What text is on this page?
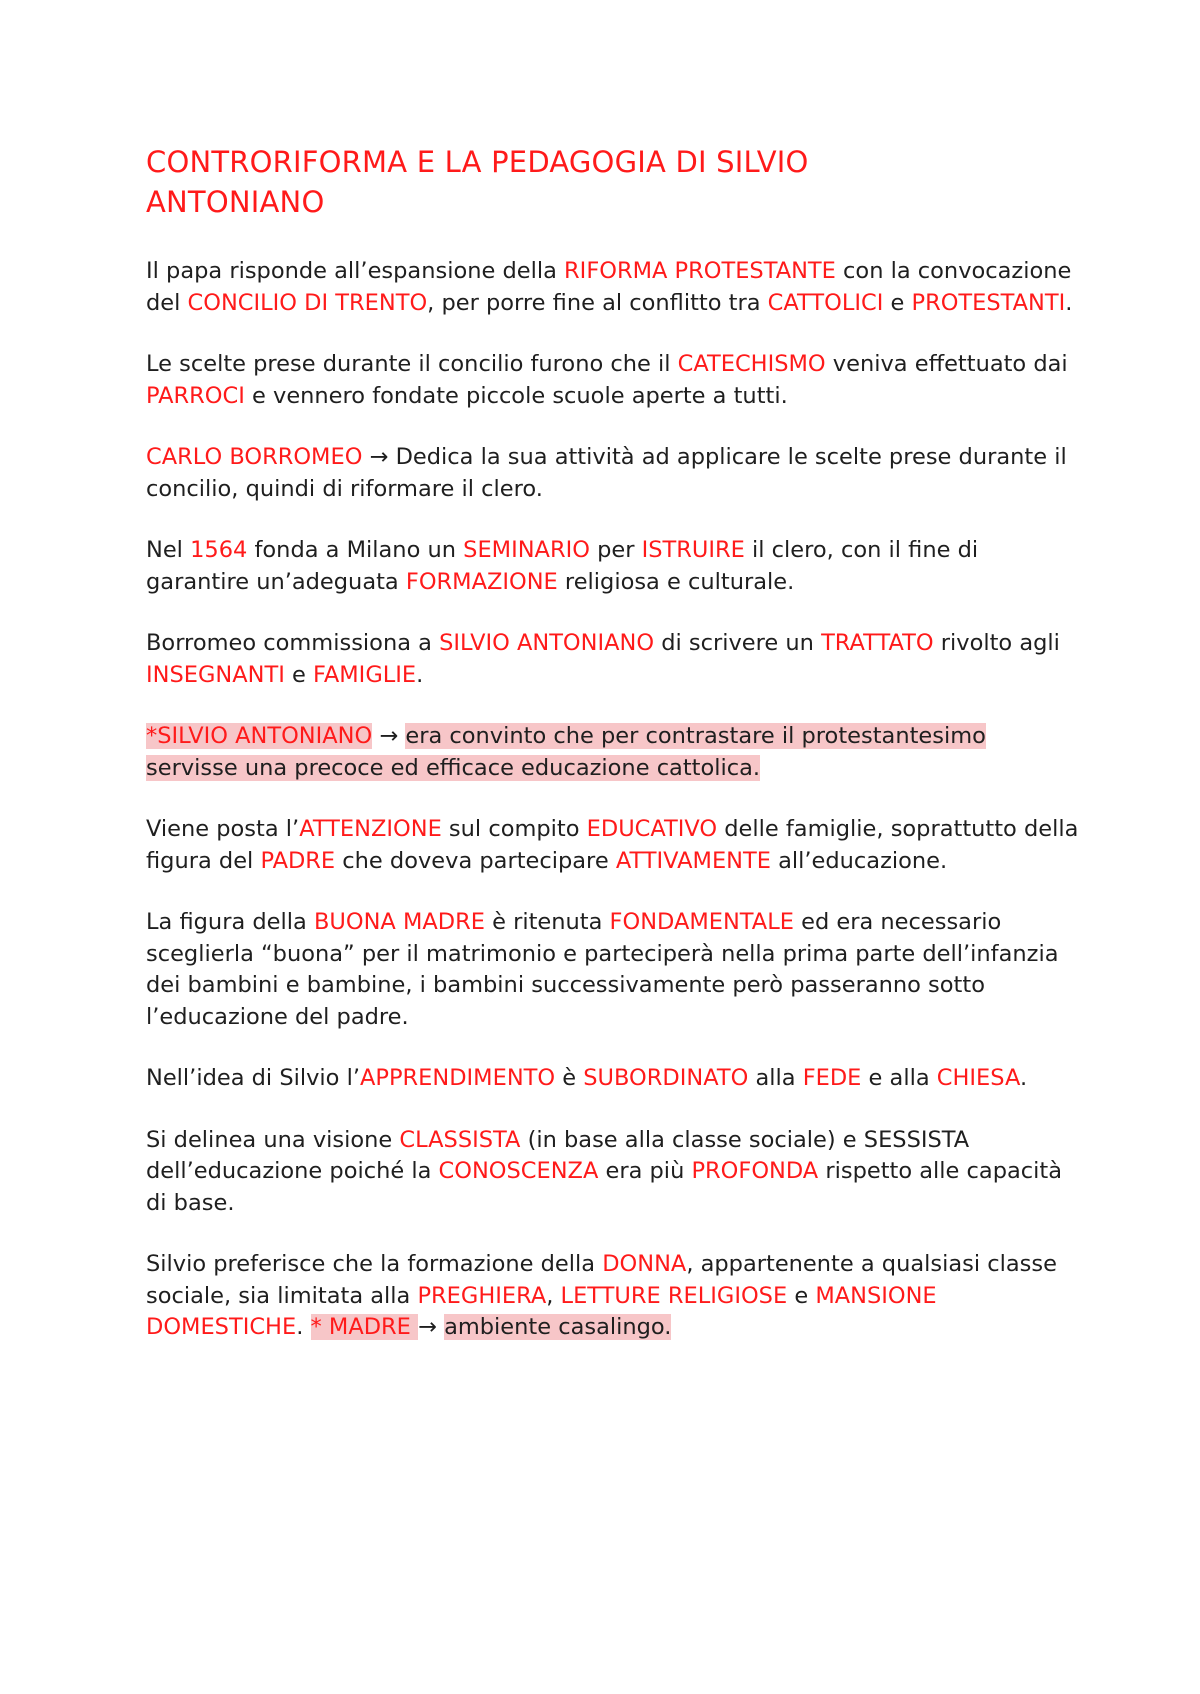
CONTRORIFORMA E LA PEDAGOGIA DI SILVIO ANTONIANO

Il papa risponde all’espansione della RIFORMA PROTESTANTE con la convocazione del CONCILIO DI TRENTO, per porre fine al conflitto tra CATTOLICI e PROTESTANTI.

Le scelte prese durante il concilio furono che il CATECHISMO veniva effettuato dai PARROCI e vennero fondate piccole scuole aperte a tutti.

CARLO BORROMEO → Dedica la sua attività ad applicare le scelte prese durante il concilio, quindi di riformare il clero.

Nel 1564 fonda a Milano un SEMINARIO per ISTRUIRE il clero, con il fine di garantire un’adeguata FORMAZIONE religiosa e culturale.

Borromeo commissiona a SILVIO ANTONIANO di scrivere un TRATTATO rivolto agli INSEGNANTI e FAMIGLIE.

*SILVIO ANTONIANO → era convinto che per contrastare il protestantesimo servisse una precoce ed efficace educazione cattolica.

Viene posta l’ATTENZIONE sul compito EDUCATIVO delle famiglie, soprattutto della figura del PADRE che doveva partecipare ATTIVAMENTE all’educazione.

La figura della BUONA MADRE è ritenuta FONDAMENTALE ed era necessario sceglierla “buona” per il matrimonio e parteciperà nella prima parte dell’infanzia dei bambini e bambine, i bambini successivamente però passeranno sotto l’educazione del padre.

Nell’idea di Silvio l’APPRENDIMENTO è SUBORDINATO alla FEDE e alla CHIESA.

Si delinea una visione CLASSISTA (in base alla classe sociale) e SESSISTA dell’educazione poiché la CONOSCENZA era più PROFONDA rispetto alle capacità di base.

Silvio preferisce che la formazione della DONNA, appartenente a qualsiasi classe sociale, sia limitata alla PREGHIERA, LETTURE RELIGIOSE e MANSIONE DOMESTICHE. * MADRE → ambiente casalingo.
